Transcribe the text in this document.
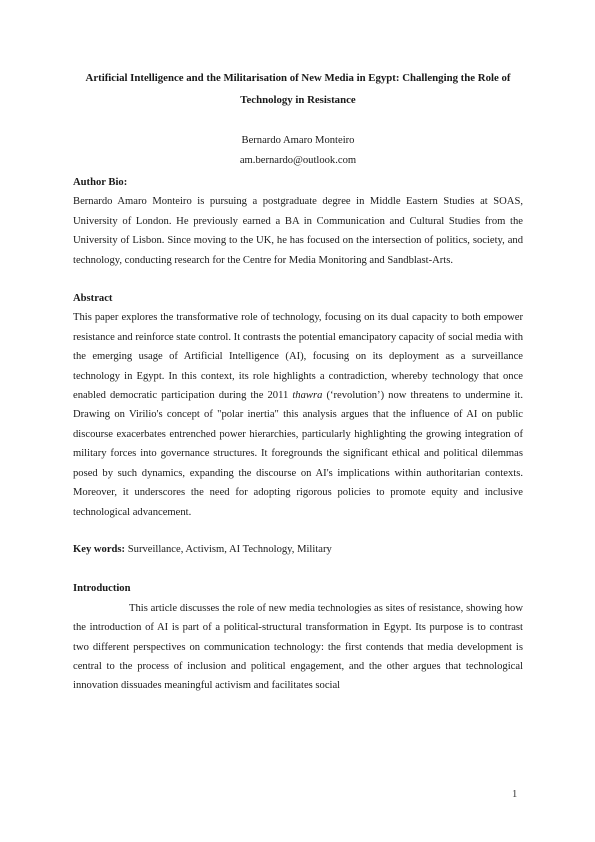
Artificial Intelligence and the Militarisation of New Media in Egypt: Challenging the Role of Technology in Resistance

Bernardo Amaro Monteiro
am.bernardo@outlook.com

Author Bio:

Bernardo Amaro Monteiro is pursuing a postgraduate degree in Middle Eastern Studies at SOAS, University of London. He previously earned a BA in Communication and Cultural Studies from the University of Lisbon. Since moving to the UK, he has focused on the intersection of politics, society, and technology, conducting research for the Centre for Media Monitoring and Sandblast-Arts.

Abstract

This paper explores the transformative role of technology, focusing on its dual capacity to both empower resistance and reinforce state control. It contrasts the potential emancipatory capacity of social media with the emerging usage of Artificial Intelligence (AI), focusing on its deployment as a surveillance technology in Egypt. In this context, its role highlights a contradiction, whereby technology that once enabled democratic participation during the 2011 thawra (‘revolution’) now threatens to undermine it. Drawing on Virilio's concept of "polar inertia" this analysis argues that the influence of AI on public discourse exacerbates entrenched power hierarchies, particularly highlighting the growing integration of military forces into governance structures. It foregrounds the significant ethical and political dilemmas posed by such dynamics, expanding the discourse on AI's implications within authoritarian contexts. Moreover, it underscores the need for adopting rigorous policies to promote equity and inclusive technological advancement.

Key words: Surveillance, Activism, AI Technology, Military

Introduction

This article discusses the role of new media technologies as sites of resistance, showing how the introduction of AI is part of a political-structural transformation in Egypt. Its purpose is to contrast two different perspectives on communication technology: the first contends that media development is central to the process of inclusion and political engagement, and the other argues that technological innovation dissuades meaningful activism and facilitates social

1
